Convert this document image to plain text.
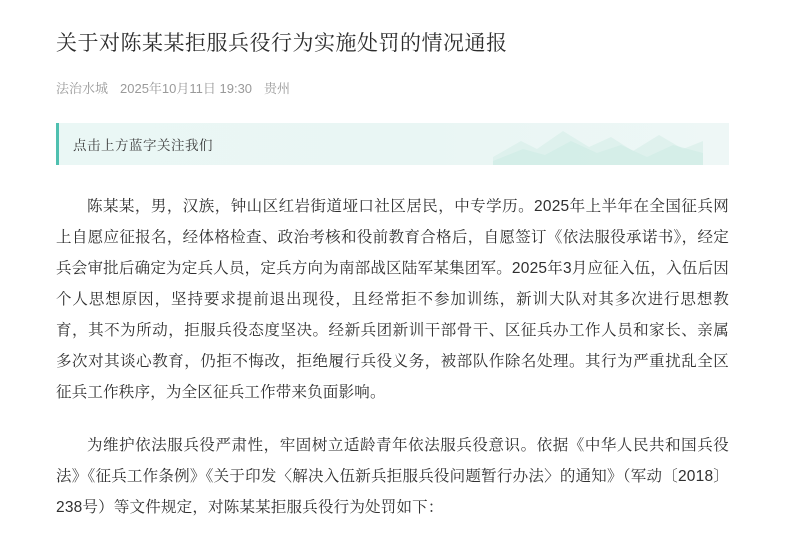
关于对陈某某拒服兵役行为实施处罚的情况通报
法治水城 2025年10月11日 19:30 贵州
点击上方蓝字关注我们

陈某某，男，汉族，钟山区红岩街道垭口社区居民，中专学历。2025年上半年在全国征兵网上自愿应征报名，经体格检查、政治考核和役前教育合格后，自愿签订《依法服役承诺书》，经定兵会审批后确定为定兵人员，定兵方向为南部战区陆军某集团军。2025年3月应征入伍，入伍后因个人思想原因，坚持要求提前退出现役，且经常拒不参加训练，新训大队对其多次进行思想教育，其不为所动，拒服兵役态度坚决。经新兵团新训干部骨干、区征兵办工作人员和家长、亲属多次对其谈心教育，仍拒不悔改，拒绝履行兵役义务，被部队作除名处理。其行为严重扰乱全区征兵工作秩序，为全区征兵工作带来负面影响。

为维护依法服兵役严肃性，牢固树立适龄青年依法服兵役意识。依据《中华人民共和国兵役法》《征兵工作条例》《关于印发〈解决入伍新兵拒服兵役问题暂行办法〉的通知》（军动〔2018〕238号）等文件规定，对陈某某拒服兵役行为处罚如下：
